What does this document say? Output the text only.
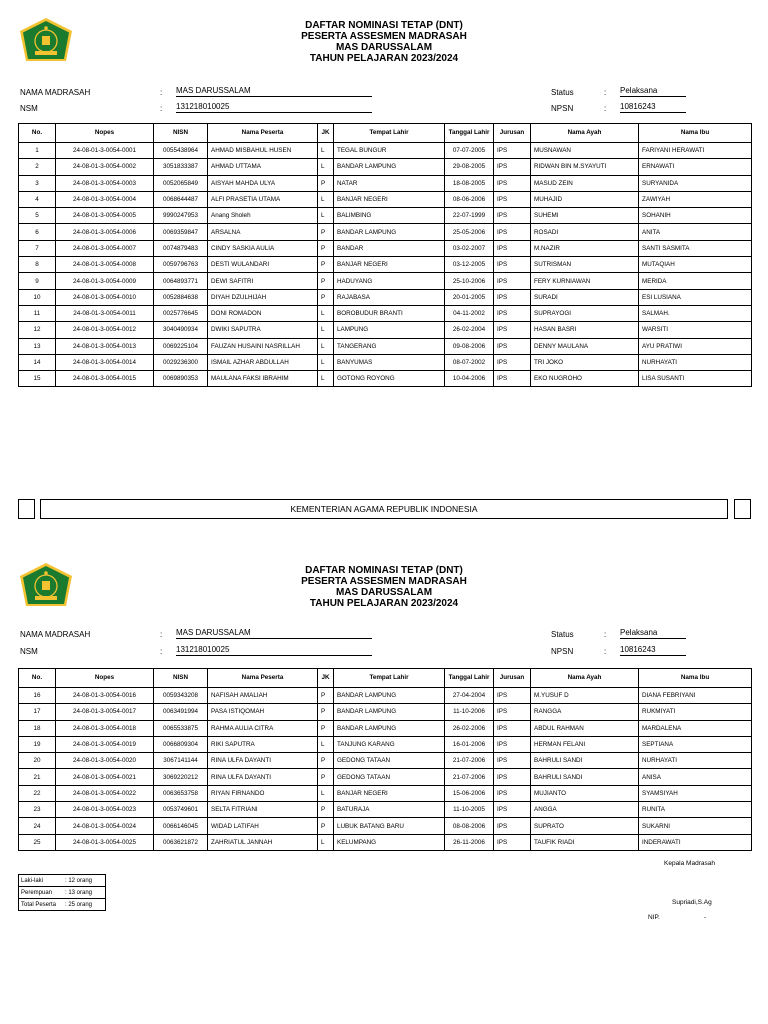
DAFTAR NOMINASI TETAP (DNT)
PESERTA ASSESMEN MADRASAH
MAS DARUSSALAM
TAHUN PELAJARAN 2023/2024
NAMA MADRASAH	: MAS DARUSSALAM
NSM	: 131218010025
Status	: Pelaksana
NPSN	: 10816243
No.	Nopes	NISN	Nama Peserta	JK	Tempat Lahir	Tanggal Lahir	Jurusan	Nama Ayah	Nama Ibu
1	24-08-01-3-0054-0001	0055438964	AHMAD MISBAHUL HUSEN	L	TEGAL BUNGUR	07-07-2005	IPS	MUSNAWAN	FARIYANI HERAWATI
2	24-08-01-3-0054-0002	3051833387	AHMAD UTTAMA	L	BANDAR LAMPUNG	29-08-2005	IPS	RIDWAN BIN M.SYAYUTI	ERNAWATI
3	24-08-01-3-0054-0003	0052065849	AISYAH MAHDA ULYA	P	NATAR	18-08-2005	IPS	MASUD ZEIN	SURYANIDA
4	24-08-01-3-0054-0004	0068644487	ALFI PRASETIA UTAMA	L	BANJAR NEGERI	08-06-2006	IPS	MUHAJID	ZAWIYAH
5	24-08-01-3-0054-0005	9990247953	Anang Sholeh	L	BALIMBING	22-07-1999	IPS	SUHEMI	SOHANIH
6	24-08-01-3-0054-0006	0069359847	ARSALNA	P	BANDAR LAMPUNG	25-05-2006	IPS	ROSADI	ANITA
7	24-08-01-3-0054-0007	0074879483	CINDY SASKIA AULIA	P	BANDAR	03-02-2007	IPS	M.NAZIR	SANTI SASMITA
8	24-08-01-3-0054-0008	0059796763	DESTI WULANDARI	P	BANJAR NEGERI	03-12-2005	IPS	SUTRISMAN	MUTAQIAH
9	24-08-01-3-0054-0009	0064893771	DEWI SAFITRI	P	HADUYANG	25-10-2006	IPS	FERY KURNIAWAN	MERIDA
10	24-08-01-3-0054-0010	0052884638	DIYAH DZULHIJAH	P	RAJABASA	20-01-2005	IPS	SURADI	ESI LUSIANA
11	24-08-01-3-0054-0011	0025776645	DONI ROMADON	L	BOROBUDUR BRANTI	04-11-2002	IPS	SUPRAYOGI	SALMAH.
12	24-08-01-3-0054-0012	3040490934	DWIKI SAPUTRA	L	LAMPUNG	26-02-2004	IPS	HASAN BASRI	WARSITI
13	24-08-01-3-0054-0013	0069225104	FAUZAN HUSAINI NASRILLAH	L	TANGERANG	09-08-2006	IPS	DENNY MAULANA	AYU PRATIWI
14	24-08-01-3-0054-0014	0029236300	ISMAIL AZHAR ABDULLAH	L	BANYUMAS	08-07-2002	IPS	TRI JOKO	NURHAYATI
15	24-08-01-3-0054-0015	0069890353	MAULANA FAKSI IBRAHIM	L	GOTONG ROYONG	10-04-2006	IPS	EKO NUGROHO	LISA SUSANTI
KEMENTERIAN AGAMA REPUBLIK INDONESIA
DAFTAR NOMINASI TETAP (DNT)
PESERTA ASSESMEN MADRASAH
MAS DARUSSALAM
TAHUN PELAJARAN 2023/2024
NAMA MADRASAH	: MAS DARUSSALAM
NSM	: 131218010025
Status	: Pelaksana
NPSN	: 10816243
No.	Nopes	NISN	Nama Peserta	JK	Tempat Lahir	Tanggal Lahir	Jurusan	Nama Ayah	Nama Ibu
16	24-08-01-3-0054-0016	0059343208	NAFISAH AMALIAH	P	BANDAR LAMPUNG	27-04-2004	IPS	M.YUSUF D	DIANA FEBRIYANI
17	24-08-01-3-0054-0017	0063491994	PASA ISTIQOMAH	P	BANDAR LAMPUNG	11-10-2006	IPS	RANGGA	RUKMIYATI
18	24-08-01-3-0054-0018	0065533875	RAHMA AULIA CITRA	P	BANDAR LAMPUNG	26-02-2006	IPS	ABDUL RAHMAN	MARDALENA
19	24-08-01-3-0054-0019	0066809304	RIKI SAPUTRA	L	TANJUNG KARANG	16-01-2006	IPS	HERMAN FELANI	SEPTIANA
20	24-08-01-3-0054-0020	3067141144	RINA ULFA DAYANTI	P	GEDONG TATAAN	21-07-2006	IPS	BAHRULI SANDI	NURHAYATI
21	24-08-01-3-0054-0021	3069220212	RINA ULFA DAYANTI	P	GEDONG TATAAN	21-07-2006	IPS	BAHRULI SANDI	ANISA
22	24-08-01-3-0054-0022	0063653758	RIYAN FIRNANDO	L	BANJAR NEGERI	15-06-2006	IPS	MUJIANTO	SYAMSIYAH
23	24-08-01-3-0054-0023	0053749601	SELTA FITRIANI	P	BATURAJA	11-10-2005	IPS	ANGGA	RUNITA
24	24-08-01-3-0054-0024	0066146045	WIDAD LATIFAH	P	LUBUK BATANG BARU	08-08-2006	IPS	SUPRATO	SUKARNI
25	24-08-01-3-0054-0025	0063621872	ZAHRIATUL JANNAH	L	KELUMPANG	26-11-2006	IPS	TAUFIK RIADI	INDERAWATI
Kepala Madrasah
Supriadi,S.Ag
NIP.	-
Laki-laki	: 12 orang
Perempuan	: 13 orang
Total Peserta	: 25 orang
